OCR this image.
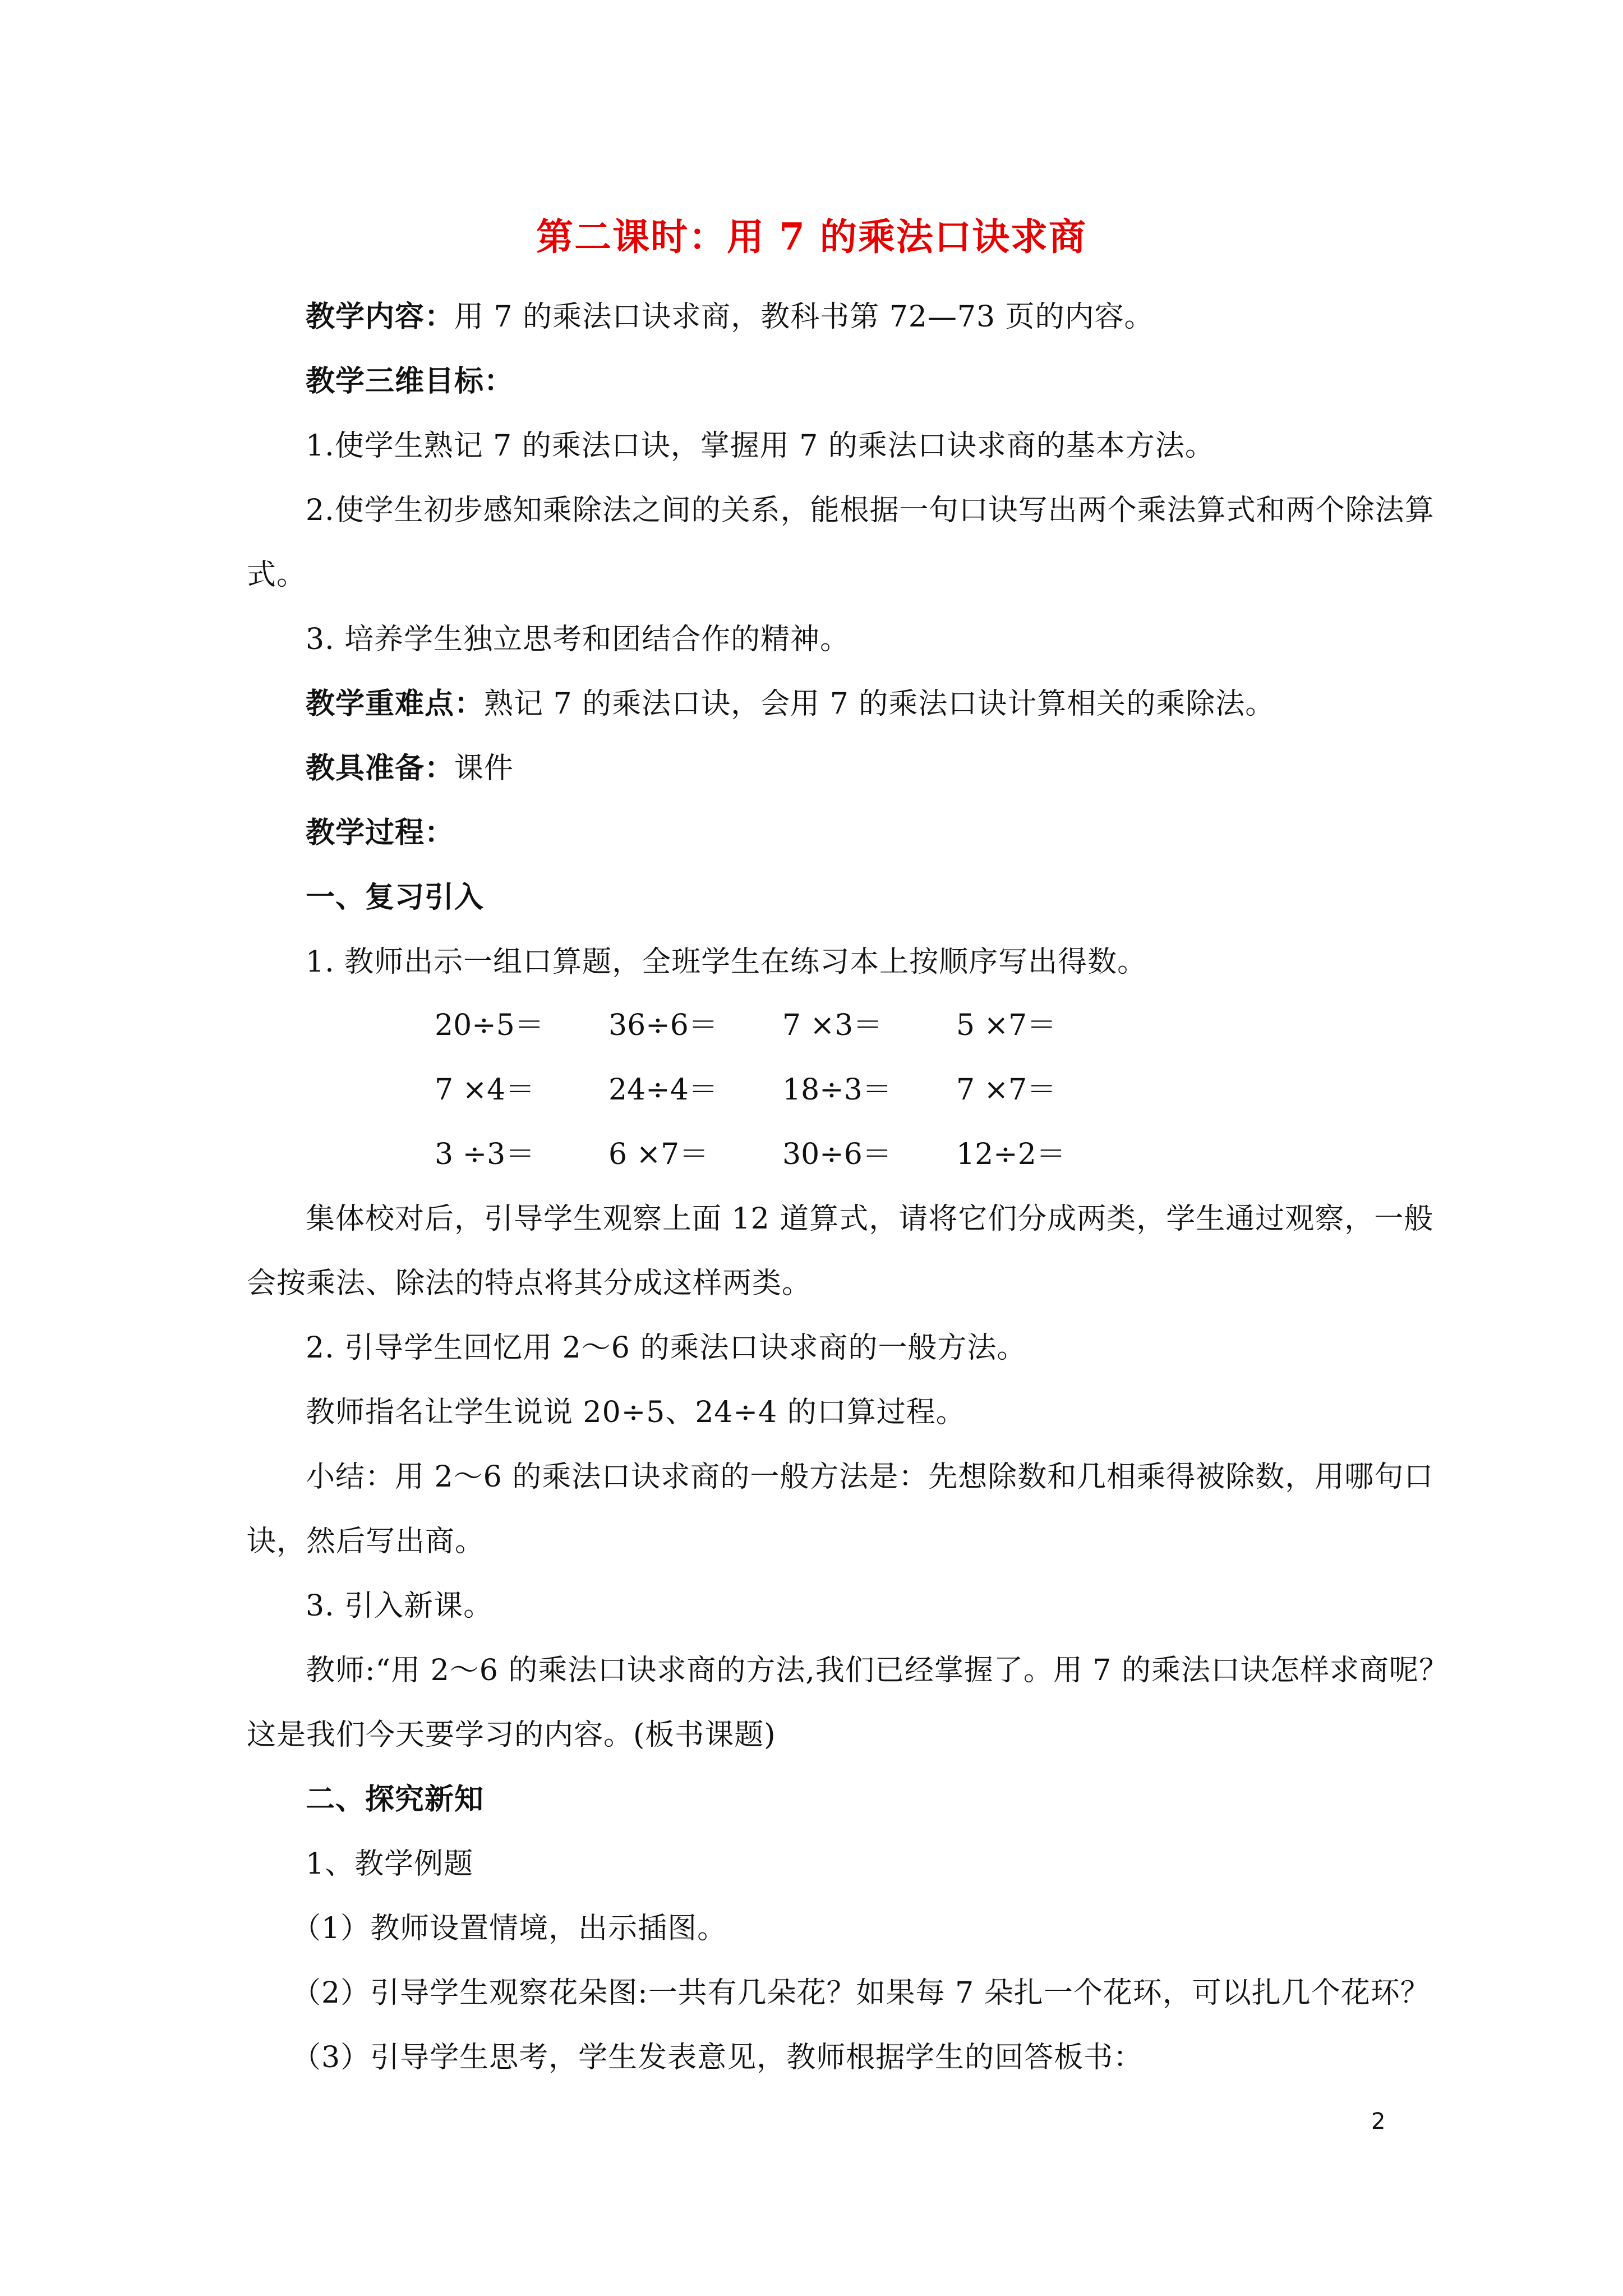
第二课时：用 7 的乘法口诀求商
教学内容：用 7 的乘法口诀求商，教科书第 72—73 页的内容。
教学三维目标：
1.使学生熟记 7 的乘法口诀，掌握用 7 的乘法口诀求商的基本方法。
2.使学生初步感知乘除法之间的关系，能根据一句口诀写出两个乘法算式和两个除法算
式。
3. 培养学生独立思考和团结合作的精神。
教学重难点：熟记 7 的乘法口诀，会用 7 的乘法口诀计算相关的乘除法。
教具准备：课件
教学过程：
一、复习引入
1. 教师出示一组口算题，全班学生在练习本上按顺序写出得数。
20÷5＝ 36÷6＝ 7 ×3＝	5 ×7＝
7 ×4＝	24÷4＝ 18÷3＝ 7 ×7＝
3 ÷3＝	6 ×7＝	30÷6＝ 12÷2＝
集体校对后，引导学生观察上面 12 道算式，请将它们分成两类，学生通过观察，一般
会按乘法、除法的特点将其分成这样两类。
2. 引导学生回忆用 2～6 的乘法口诀求商的一般方法。
教师指名让学生说说 20÷5、24÷4 的口算过程。
小结：用 2～6 的乘法口诀求商的一般方法是：先想除数和几相乘得被除数，用哪句口
诀，然后写出商。
3. 引入新课。
教师:“用 2～6 的乘法口诀求商的方法,我们已经掌握了。用 7 的乘法口诀怎样求商呢？
这是我们今天要学习的内容。(板书课题)
二、探究新知
1、教学例题
（1）教师设置情境，出示插图。
（2）引导学生观察花朵图:一共有几朵花？如果每 7 朵扎一个花环，可以扎几个花环？
（3）引导学生思考，学生发表意见，教师根据学生的回答板书：
2
